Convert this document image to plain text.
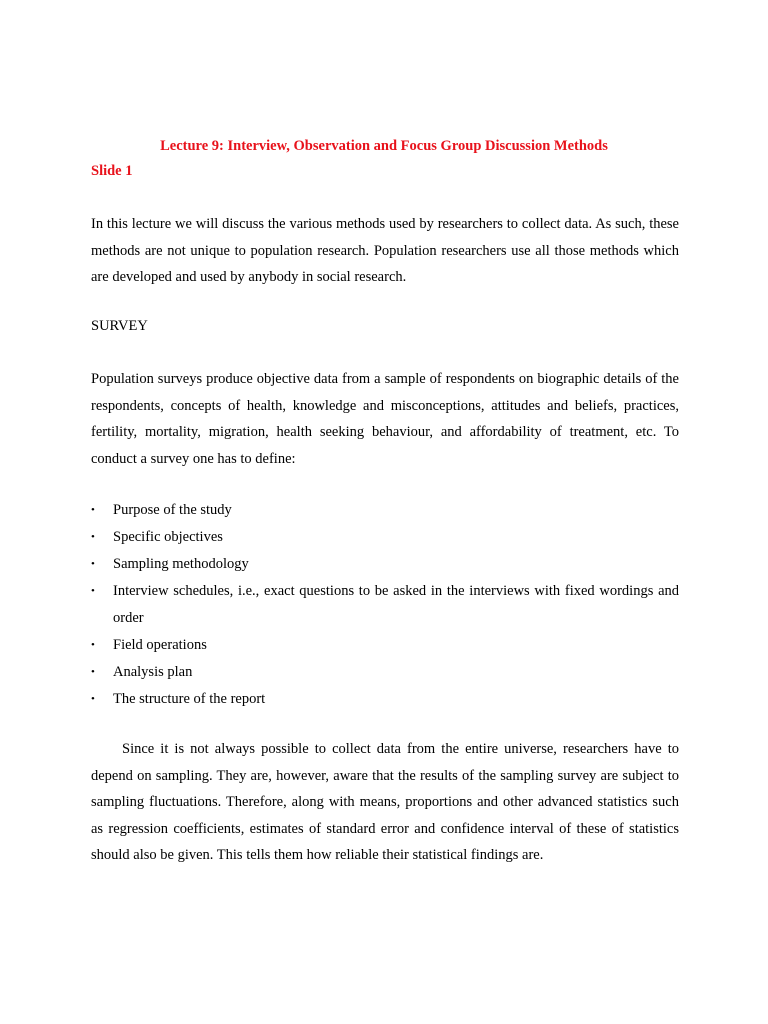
Lecture 9: Interview, Observation and Focus Group Discussion Methods
Slide 1
In this lecture we will discuss the various methods used by researchers to collect data. As such, these methods are not unique to population research. Population researchers use all those methods which are developed and used by anybody in social research.
SURVEY
Population surveys produce objective data from a sample of respondents on biographic details of the respondents, concepts of health, knowledge and misconceptions, attitudes and beliefs, practices, fertility, mortality, migration, health seeking behaviour, and affordability of treatment, etc. To conduct a survey one has to define:
•	Purpose of the study
•	Specific objectives
•	Sampling methodology
•	Interview schedules, i.e., exact questions to be asked in the interviews with fixed wordings and order
•	Field operations
•	Analysis plan
•	The structure of the report
Since it is not always possible to collect data from the entire universe, researchers have to depend on sampling. They are, however, aware that the results of the sampling survey are subject to sampling fluctuations. Therefore, along with means, proportions and other advanced statistics such as regression coefficients, estimates of standard error and confidence interval of these of statistics should also be given. This tells them how reliable their statistical findings are.
